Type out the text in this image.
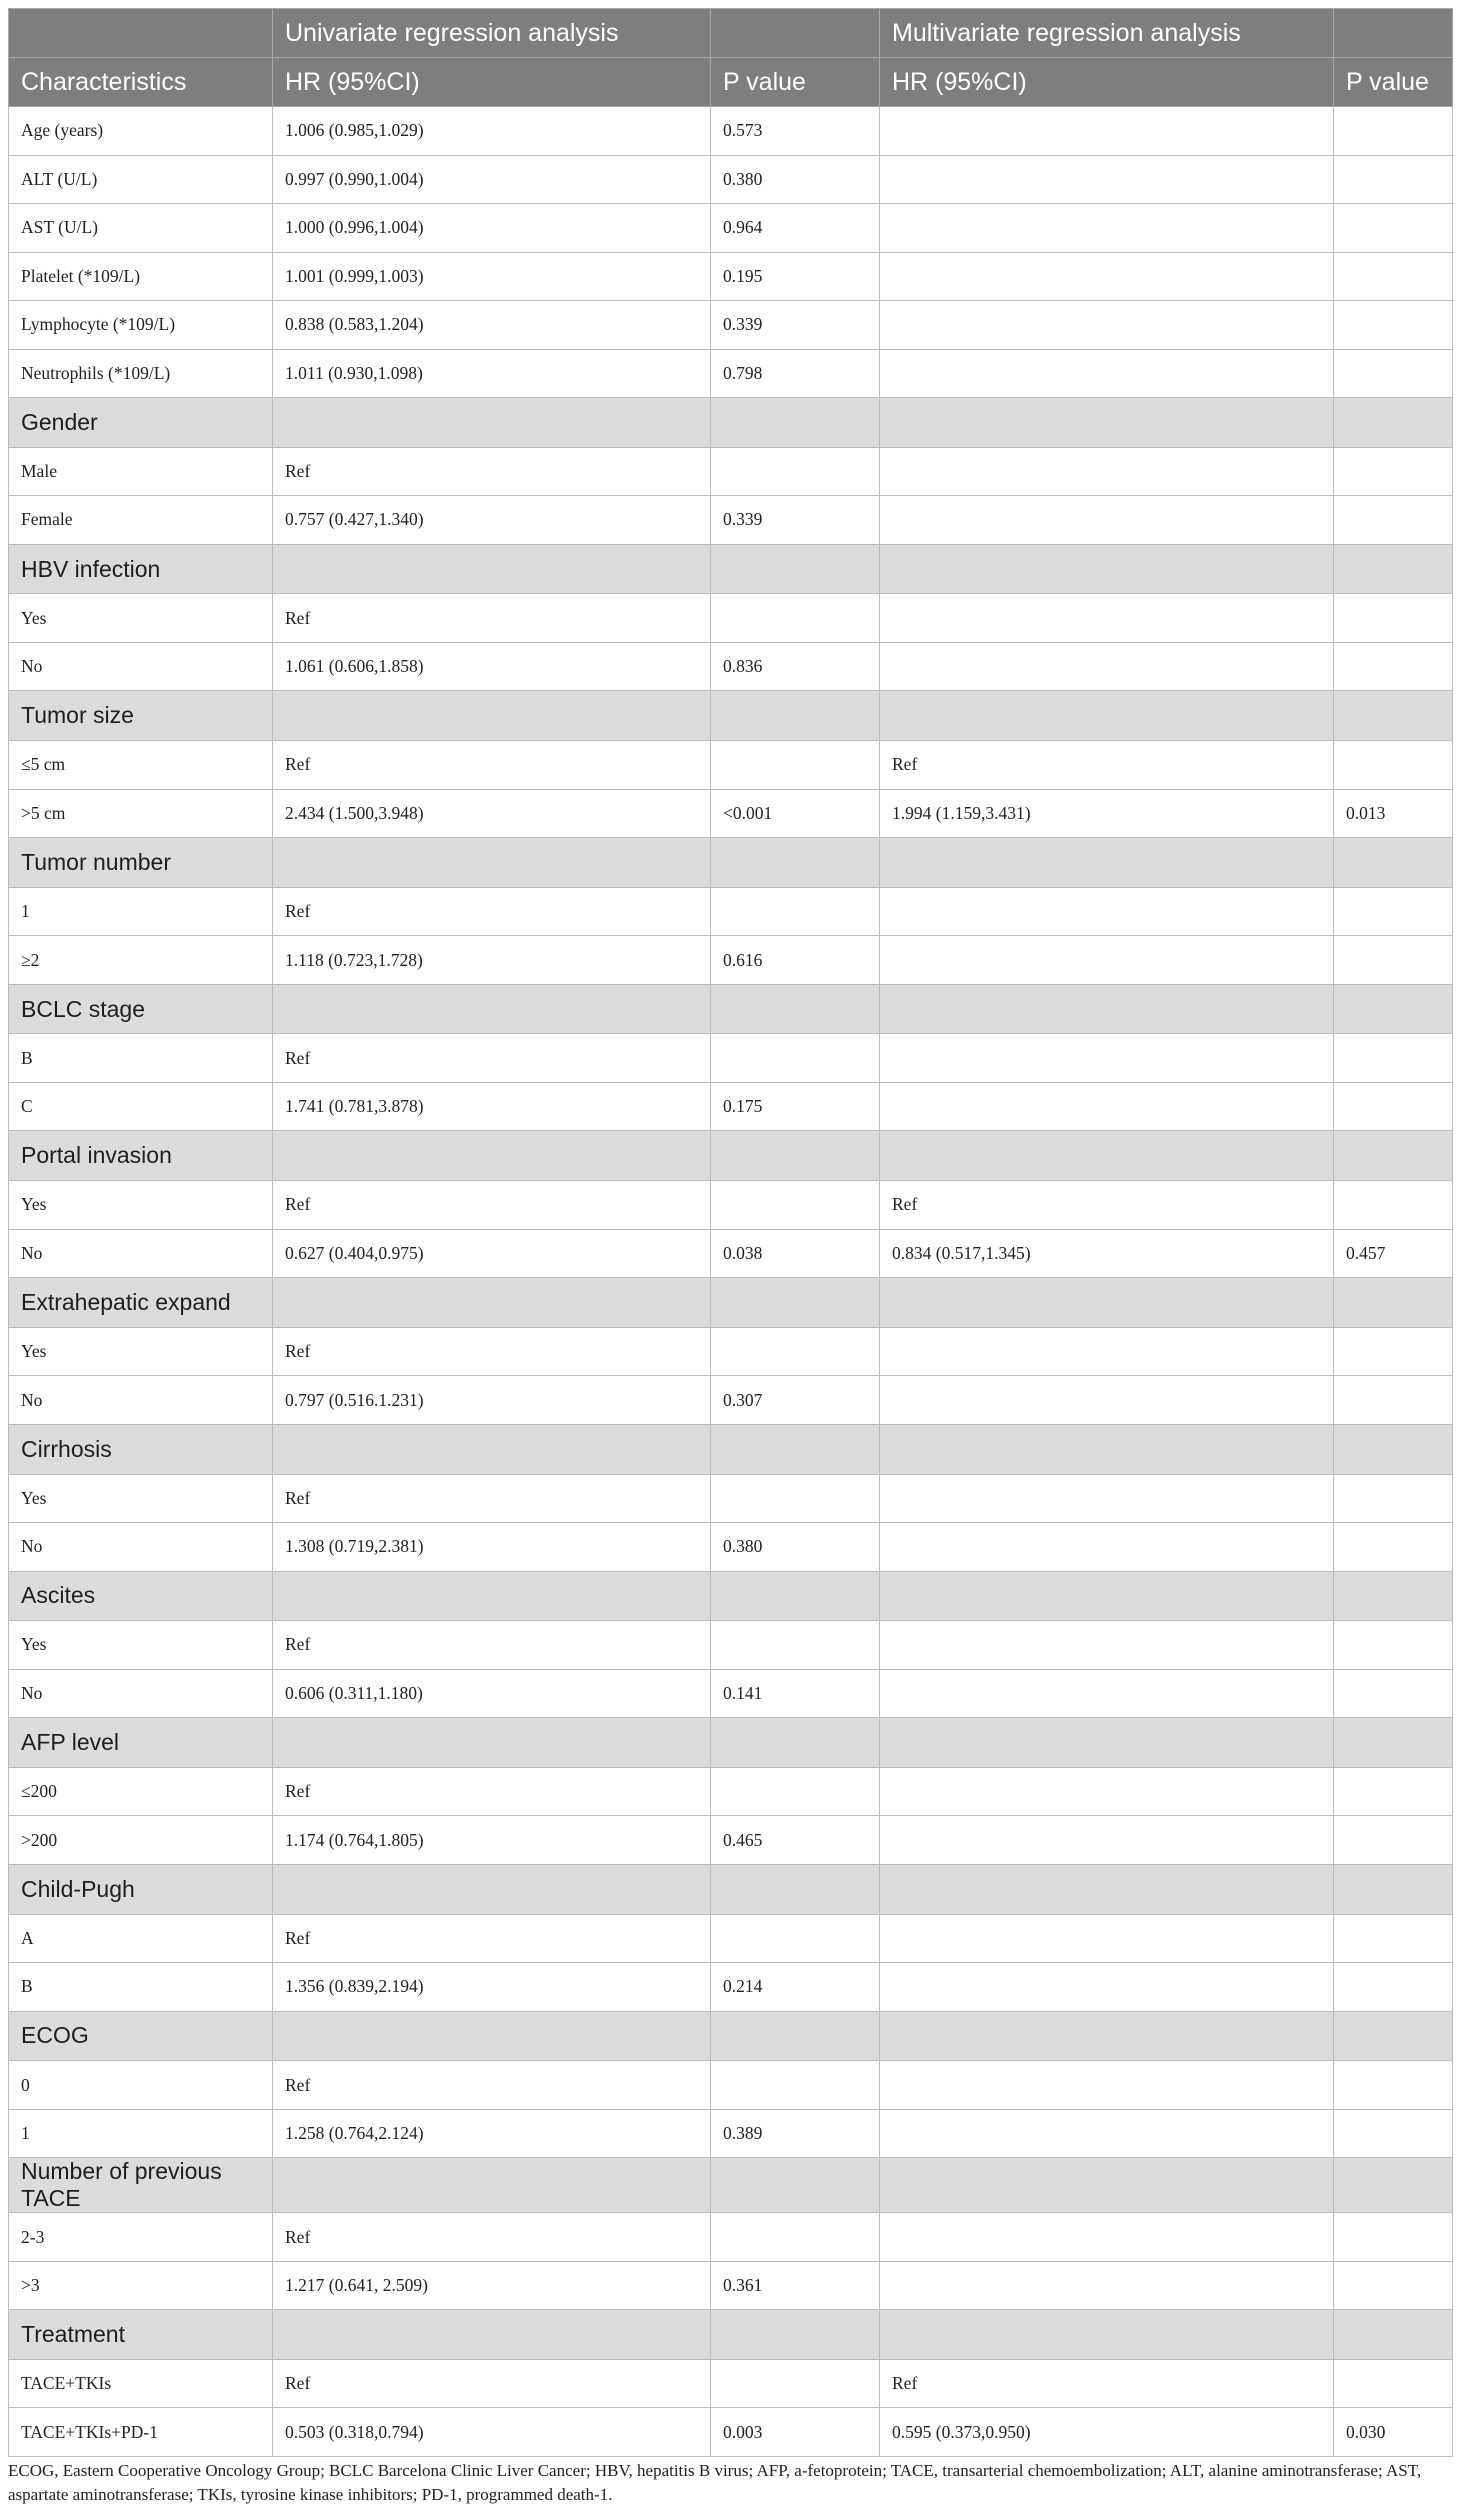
	Univariate regression analysis		Multivariate regression analysis	
Characteristics	HR (95%CI)	P value	HR (95%CI)	P value
Age (years)	1.006 (0.985,1.029)	0.573		
ALT (U/L)	0.997 (0.990,1.004)	0.380		
AST (U/L)	1.000 (0.996,1.004)	0.964		
Platelet (*109/L)	1.001 (0.999,1.003)	0.195		
Lymphocyte (*109/L)	0.838 (0.583,1.204)	0.339		
Neutrophils (*109/L)	1.011 (0.930,1.098)	0.798		
Gender				
Male	Ref			
Female	0.757 (0.427,1.340)	0.339		
HBV infection				
Yes	Ref			
No	1.061 (0.606,1.858)	0.836		
Tumor size				
≤5 cm	Ref		Ref	
>5 cm	2.434 (1.500,3.948)	<0.001	1.994 (1.159,3.431)	0.013
Tumor number				
1	Ref			
≥2	1.118 (0.723,1.728)	0.616		
BCLC stage				
B	Ref			
C	1.741 (0.781,3.878)	0.175		
Portal invasion				
Yes	Ref		Ref	
No	0.627 (0.404,0.975)	0.038	0.834 (0.517,1.345)	0.457
Extrahepatic expand				
Yes	Ref			
No	0.797 (0.516.1.231)	0.307		
Cirrhosis				
Yes	Ref			
No	1.308 (0.719,2.381)	0.380		
Ascites				
Yes	Ref			
No	0.606 (0.311,1.180)	0.141		
AFP level				
≤200	Ref			
>200	1.174 (0.764,1.805)	0.465		
Child-Pugh				
A	Ref			
B	1.356 (0.839,2.194)	0.214		
ECOG				
0	Ref			
1	1.258 (0.764,2.124)	0.389		
Number of previous TACE				
2-3	Ref			
>3	1.217 (0.641, 2.509)	0.361		
Treatment				
TACE+TKIs	Ref		Ref	
TACE+TKIs+PD-1	0.503 (0.318,0.794)	0.003	0.595 (0.373,0.950)	0.030
ECOG, Eastern Cooperative Oncology Group; BCLC Barcelona Clinic Liver Cancer; HBV, hepatitis B virus; AFP, a-fetoprotein; TACE, transarterial chemoembolization; ALT, alanine aminotransferase; AST, aspartate aminotransferase; TKIs, tyrosine kinase inhibitors; PD-1, programmed death-1.
